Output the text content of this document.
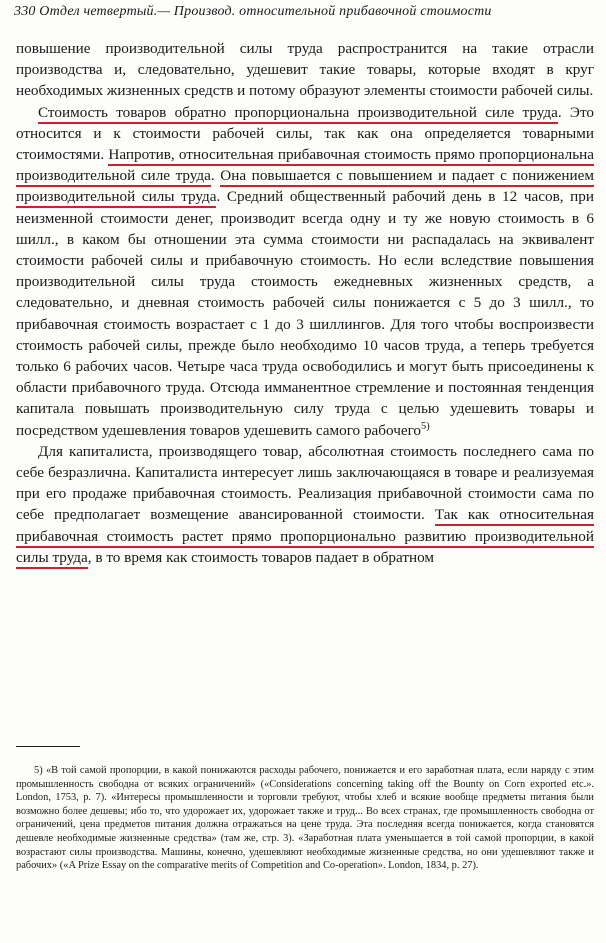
330 Отдел четвертый.— Производ. относительной прибавочной стоимости

повышение производительной силы труда распространится на такие отрасли производства и, следовательно, удешевит такие товары, которые входят в круг необходимых жизненных средств и потому образуют элементы стоимости рабочей силы.

Стоимость товаров обратно пропорциональна производительной силе труда. Это относится и к стоимости рабочей силы, так как она определяется товарными стоимостями. Напротив, относительная прибавочная стоимость прямо пропорциональна производительной силе труда. Она повышается с повышением и падает с понижением производительной силы труда. Средний общественный рабочий день в 12 часов, при неизменной стоимости денег, производит всегда одну и ту же новую стоимость в 6 шилл., в каком бы отношении эта сумма стоимости ни распадалась на эквивалент стоимости рабочей силы и прибавочную стоимость. Но если вследствие повышения производительной силы труда стоимость ежедневных жизненных средств, а следовательно, и дневная стоимость рабочей силы понижается с 5 до 3 шилл., то прибавочная стоимость возрастает с 1 до 3 шиллингов. Для того чтобы воспроизвести стоимость рабочей силы, прежде было необходимо 10 часов труда, а теперь требуется только 6 рабочих часов. Четыре часа труда освободились и могут быть присоединены к области прибавочного труда. Отсюда имманентное стремление и постоянная тенденция капитала повышать производительную силу труда с целью удешевить товары и посредством удешевления товаров удешевить самого рабочего$^{5)}$

Для капиталиста, производящего товар, абсолютная стоимость последнего сама по себе безразлична. Капиталиста интересует лишь заключающаяся в товаре и реализуемая при его продаже прибавочная стоимость. Реализация прибавочной стоимости сама по себе предполагает возмещение авансированной стоимости. Так как относительная прибавочная стоимость растет прямо пропорционально развитию производительной силы труда, в то время как стоимость товаров падает в обратном

5) «В той самой пропорции, в какой понижаются расходы рабочего, понижается и его заработная плата, если наряду с этим промышленность свободна от всяких ограничений» («Considerations concerning taking off the Bounty on Corn exported etc.». London, 1753, p. 7). «Интересы промышленности и торговли требуют, чтобы хлеб и всякие вообще предметы питания были возможно более дешевы; ибо то, что удорожает их, удорожает также и труд... Во всех странах, где промышленность свободна от ограничений, цена предметов питания должна отражаться на цене труда. Эта последняя всегда понижается, когда становятся дешевле необходимые жизненные средства» (там же, стр. 3). «Заработная плата уменьшается в той самой пропорции, в какой возрастают силы производства. Машины, конечно, удешевляют необходимые жизненные средства, но они удешевляют также и рабочих» («A Prize Essay on the comparative merits of Competition and Co-operation». London, 1834, p. 27).
